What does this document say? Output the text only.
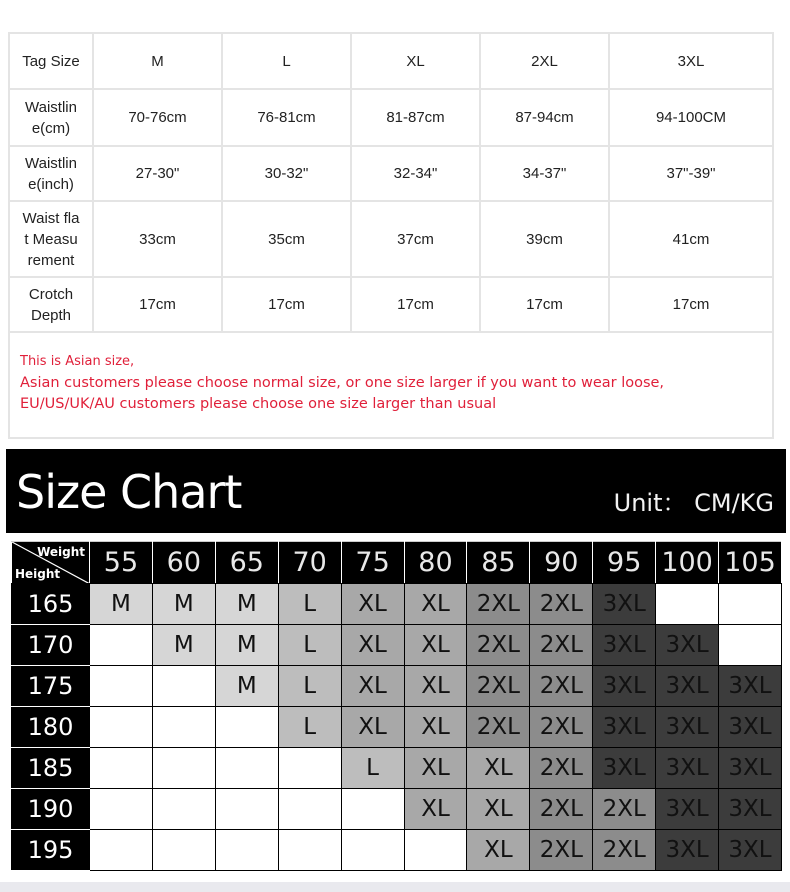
Tag Size	M	L	XL	2XL	3XL
Waistlin
e(cm)	70-76cm	76-81cm	81-87cm	87-94cm	94-100CM
Waistlin
e(inch)	27-30"	30-32"	32-34"	34-37"	37"-39"
Waist fla
t Measu
rement	33cm	35cm	37cm	39cm	41cm
Crotch
Depth	17cm	17cm	17cm	17cm	17cm

This is Asian size,
Asian customers please choose normal size, or one size larger if you want to wear loose,
EU/US/UK/AU customers please choose one size larger than usual					
Size Chart	Unit： CM/KG
Weight
Height	55	60	65	70	75	80	85	90	95	100	105
165	M	M	M	L	XL	XL	2XL	2XL	3XL		
170		M	M	L	XL	XL	2XL	2XL	3XL	3XL	
175			M	L	XL	XL	2XL	2XL	3XL	3XL	3XL
180				L	XL	XL	2XL	2XL	3XL	3XL	3XL
185					L	XL	XL	2XL	3XL	3XL	3XL
190						XL	XL	2XL	2XL	3XL	3XL
195							XL	2XL	2XL	3XL	3XL
